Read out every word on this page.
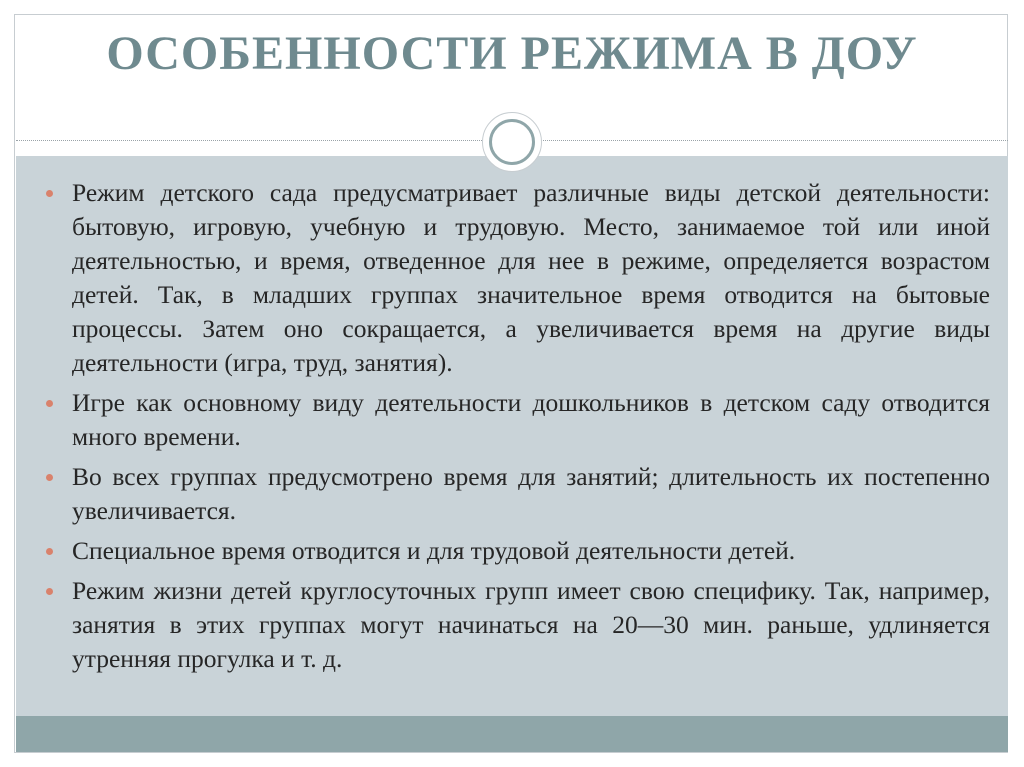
ОСОБЕННОСТИ РЕЖИМА В ДОУ
Режим детского сада предусматривает различные виды детской деятельности: бытовую, игровую, учебную и трудовую. Место, занимаемое той или иной деятельностью, и время, отведенное для нее в режиме, определяется возрастом детей. Так, в младших группах значительное время отводится на бытовые процессы. Затем оно сокращается, а увеличивается время на другие виды деятельности (игра, труд, занятия).
Игре как основному виду деятельности дошкольников в детском саду отводится много времени.
Во всех группах предусмотрено время для занятий; длительность их постепенно увеличивается.
Специальное время отводится и для трудовой деятельности детей.
Режим жизни детей круглосуточных групп имеет свою специфику. Так, например, занятия в этих группах могут начинаться на 20—30 мин. раньше, удлиняется утренняя прогулка и т. д.
